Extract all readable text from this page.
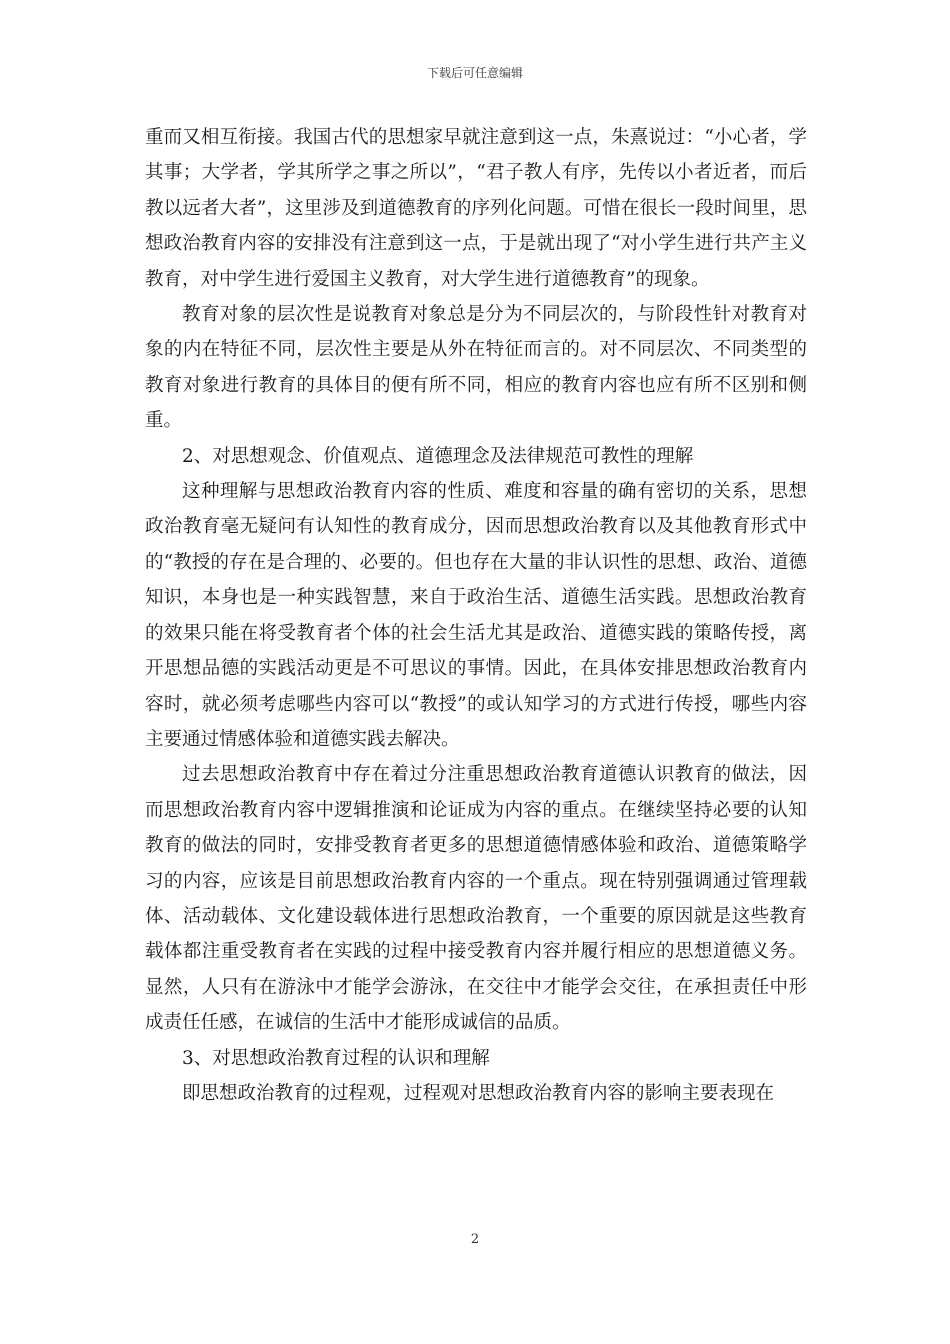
下载后可任意编辑

重而又相互衔接。我国古代的思想家早就注意到这一点，朱熹说过：“小心者，学其事；大学者，学其所学之事之所以”，“君子教人有序，先传以小者近者，而后教以远者大者”，这里涉及到道德教育的序列化问题。可惜在很长一段时间里，思想政治教育内容的安排没有注意到这一点，于是就出现了“对小学生进行共产主义教育，对中学生进行爱国主义教育，对大学生进行道德教育”的现象。

教育对象的层次性是说教育对象总是分为不同层次的，与阶段性针对教育对象的内在特征不同，层次性主要是从外在特征而言的。对不同层次、不同类型的教育对象进行教育的具体目的便有所不同，相应的教育内容也应有所不区别和侧重。

2、对思想观念、价值观点、道德理念及法律规范可教性的理解

这种理解与思想政治教育内容的性质、难度和容量的确有密切的关系，思想政治教育毫无疑问有认知性的教育成分，因而思想政治教育以及其他教育形式中的“教授的存在是合理的、必要的。但也存在大量的非认识性的思想、政治、道德知识，本身也是一种实践智慧，来自于政治生活、道德生活实践。思想政治教育的效果只能在将受教育者个体的社会生活尤其是政治、道德实践的策略传授，离开思想品德的实践活动更是不可思议的事情。因此，在具体安排思想政治教育内容时，就必须考虑哪些内容可以“教授”的或认知学习的方式进行传授，哪些内容主要通过情感体验和道德实践去解决。

过去思想政治教育中存在着过分注重思想政治教育道德认识教育的做法，因而思想政治教育内容中逻辑推演和论证成为内容的重点。在继续坚持必要的认知教育的做法的同时，安排受教育者更多的思想道德情感体验和政治、道德策略学习的内容，应该是目前思想政治教育内容的一个重点。现在特别强调通过管理载体、活动载体、文化建设载体进行思想政治教育，一个重要的原因就是这些教育载体都注重受教育者在实践的过程中接受教育内容并履行相应的思想道德义务。显然，人只有在游泳中才能学会游泳，在交往中才能学会交往，在承担责任中形成责任任感，在诚信的生活中才能形成诚信的品质。

3、对思想政治教育过程的认识和理解

即思想政治教育的过程观，过程观对思想政治教育内容的影响主要表现在

2
